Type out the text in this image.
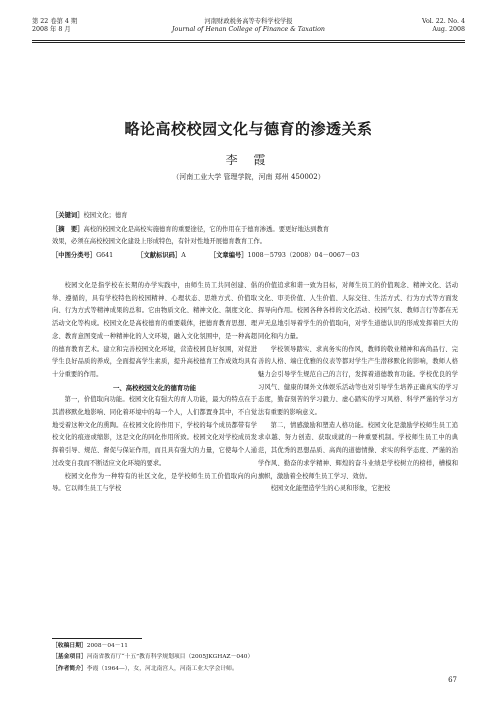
第 22 卷第 4 期
2008 年 8 月
河南财政税务高等专科学校学报
Journal of Henan College of Finance & Taxation
Vol. 22. No. 4
Aug. 2008
略论高校校园文化与德育的渗透关系
李 霞
（河南工业大学 管理学院，河南 郑州 450002）
［关键词］校园文化；德育
［摘　要］高校的校园文化是高校实施德育的重要途径，它的作用在于德育渗透。要更好地达到教育
效果，必须在高校校园文化建设上形成特色，有针对性地开展德育教育工作。
［中图分类号］G641	［文献标识码］A	［文章编号］1008－5793（2008）04－0067－03

校园文化是指学校在长期的办学实践中，由师生员工共同创建、倡举、遵循的，具有学校特色的校园精神、心理状态、思维方式、价值取向、行为方式等精神成果的总和。它由物质文化、精神文化、制度文化、活动文化等构成。校园文化是高校德育的重要载体，把德育教育思想、理念、教育意图变成一种精神化的人文环境，融入文化氛围中，是一种高超的德育教育艺术。建立和完善校园文化环境，营造校园良好氛围，对促进学生良好品质的养成，全面提高学生素质，提升高校德育工作成效均具有十分重要的作用。

一、高校校园文化的德育功能

第一，价值取向功能。校园文化有强大的育人功能，最大的特点在于其潜移默化地影响、同化着环境中的每一个人，人们都置身其中，不自觉地受着这种文化的熏陶。在校园文化的作用下，学校的每个成员都带有学校文化的痕迹或缩影，这是文化的同化作用所致。校园文化对学校成员发挥着引导、规范、督促与保证作用，而且具有强大的力量，它使每个人通过改变自我而不断适应文化环境的要求。

校园文化作为一种特有的社区文化，是学校师生员工价值取向的向导。它以师生员工与学校

的价值追求和谐一致为目标，对师生员工的价值观念、精神文化、活动文化、审美价值、人生价值、人际交往、生活方式、行为方式等方面发挥导向作用。校园各种各样的文化活动、校园气氛、教师言行等都在无声无息地引导着学生的价值取向，对学生道德认识的形成发挥着巨大的同化和内力量。

学校领导踏实、求真务实的作风，教师的敬业精神和高尚品行、完善的人格、端庄优雅的仪表等都对学生产生潜移默化的影响，教师人格魅力会引导学生规范自己的言行，发挥着道德教育功能。学校优良的学习风气、健康的课外文体娱乐活动等也对引导学生培养正确真实的学习态度，勤奋刻苦的学习毅力、虚心踏实的学习风格、科学严谨的学习方法有重要的影响意义。

第二，情感激励和塑造人格功能。校园文化是激励学校师生员工追求卓越、努力创造、获取成就的一种重要机制。学校师生员工中的典范，其优秀的思想品质、高尚的道德情操、求实的科学态度、严谨的治学作风、勤奋的求学精神、辉煌的奋斗业绩是学校树立的榜样，槽模和旗帜，激励着全校师生员工学习、效仿。

校园文化能塑造学生的心灵和形象，它把校

［收稿日期］2008－04－11
［基金项目］河南省教育厅“十五”教育科学规划项目（2005JKGHAZ－040）
［作者简介］李霞（1964—），女，河北南宫人，河南工业大学会计师。
67
